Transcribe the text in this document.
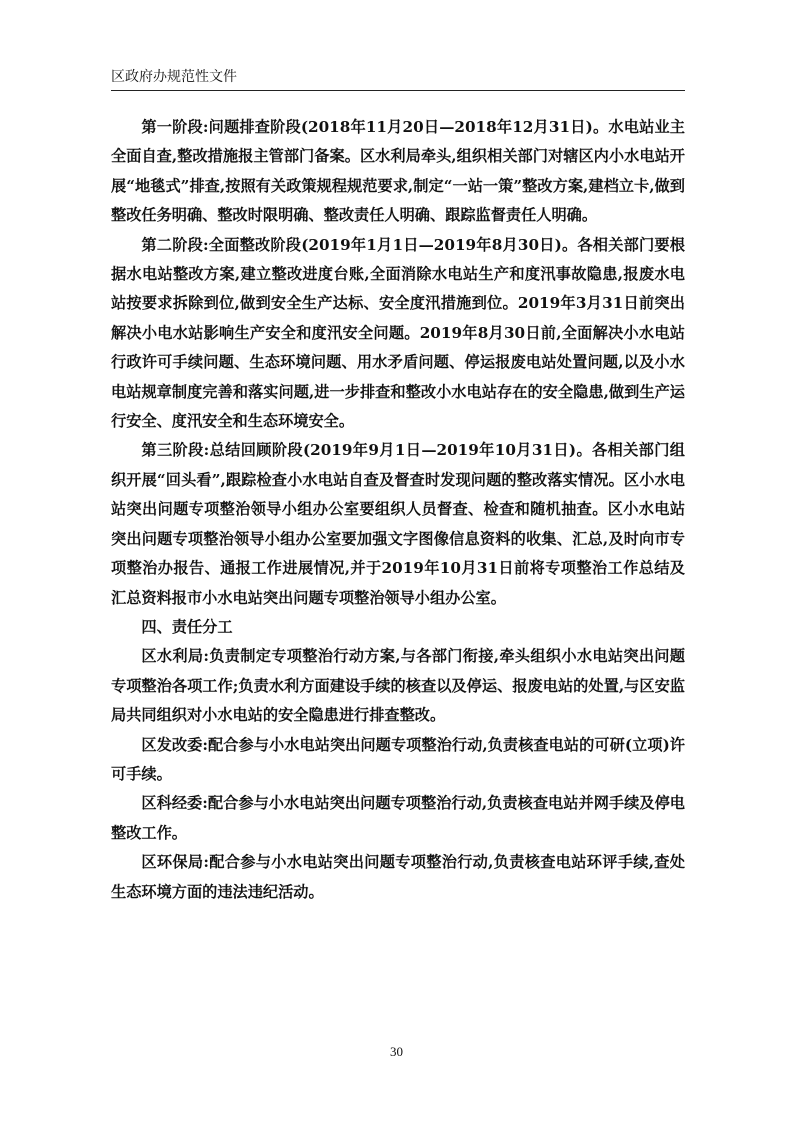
区政府办规范性文件

第一阶段:问题排查阶段(2018年11月20日—2018年12月31日)。水电站业主全面自查,整改措施报主管部门备案。区水利局牵头,组织相关部门对辖区内小水电站开展“地毯式”排查,按照有关政策规程规范要求,制定“一站一策”整改方案,建档立卡,做到整改任务明确、整改时限明确、整改责任人明确、跟踪监督责任人明确。

第二阶段:全面整改阶段(2019年1月1日—2019年8月30日)。各相关部门要根据水电站整改方案,建立整改进度台账,全面消除水电站生产和度汛事故隐患,报废水电站按要求拆除到位,做到安全生产达标、安全度汛措施到位。2019年3月31日前突出解决小电水站影响生产安全和度汛安全问题。2019年8月30日前,全面解决小水电站行政许可手续问题、生态环境问题、用水矛盾问题、停运报废电站处置问题,以及小水电站规章制度完善和落实问题,进一步排查和整改小水电站存在的安全隐患,做到生产运行安全、度汛安全和生态环境安全。

第三阶段:总结回顾阶段(2019年9月1日—2019年10月31日)。各相关部门组织开展“回头看”,跟踪检查小水电站自查及督查时发现问题的整改落实情况。区小水电站突出问题专项整治领导小组办公室要组织人员督查、检查和随机抽查。区小水电站突出问题专项整治领导小组办公室要加强文字图像信息资料的收集、汇总,及时向市专项整治办报告、通报工作进展情况,并于2019年10月31日前将专项整治工作总结及汇总资料报市小水电站突出问题专项整治领导小组办公室。

四、责任分工

区水利局:负责制定专项整治行动方案,与各部门衔接,牵头组织小水电站突出问题专项整治各项工作;负责水利方面建设手续的核查以及停运、报废电站的处置,与区安监局共同组织对小水电站的安全隐患进行排查整改。

区发改委:配合参与小水电站突出问题专项整治行动,负责核查电站的可研(立项)许可手续。

区科经委:配合参与小水电站突出问题专项整治行动,负责核查电站并网手续及停电整改工作。

区环保局:配合参与小水电站突出问题专项整治行动,负责核查电站环评手续,查处生态环境方面的违法违纪活动。

30
